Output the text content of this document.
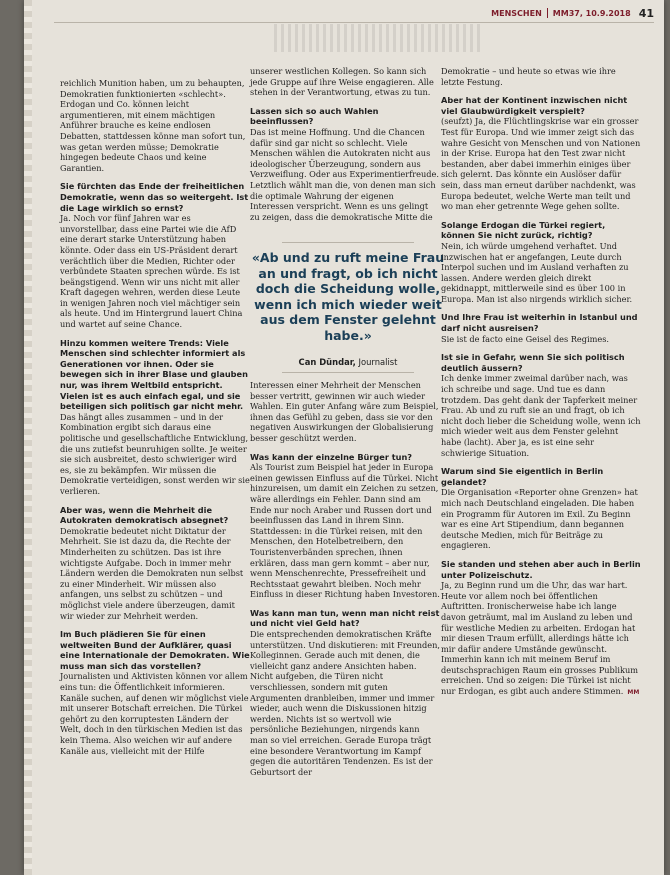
MENSCHEN MM37, 10.9.2018 41

reichlich Munition haben, um zu behaupten, Demokratien funktionierten «schlecht». Erdogan und Co. können leicht argumentieren, mit einem mächtigen Anführer brauche es keine endlosen Debatten, stattdessen könne man sofort tun, was getan werden müsse; Demokratie hingegen bedeute Chaos und keine Garantien.

Sie fürchten das Ende der freiheitlichen Demokratie, wenn das so weitergeht. Ist die Lage wirklich so ernst?
Ja. Noch vor fünf Jahren war es unvorstellbar, dass eine Partei wie die AfD eine derart starke Unterstützung haben könnte. Oder dass ein US-Präsident derart verächtlich über die Medien, Richter oder verbündete Staaten sprechen würde. Es ist beängstigend. Wenn wir uns nicht mit aller Kraft dagegen wehren, werden diese Leute in wenigen Jahren noch viel mächtiger sein als heute. Und im Hintergrund lauert China und wartet auf seine Chance.

Hinzu kommen weitere Trends: Viele Menschen sind schlechter informiert als Generationen vor ihnen. Oder sie bewegen sich in ihrer Blase und glauben nur, was ihrem Weltbild entspricht. Vielen ist es auch einfach egal, und sie beteiligen sich politisch gar nicht mehr.
Das hängt alles zusammen – und in der Kombination ergibt sich daraus eine politische und gesellschaftliche Entwicklung, die uns zutiefst beunruhigen sollte. Je weiter sie sich ausbreitet, desto schwieriger wird es, sie zu bekämpfen. Wir müssen die Demokratie verteidigen, sonst werden wir sie verlieren.

Aber was, wenn die Mehrheit die Autokraten demokratisch absegnet?
Demokratie bedeutet nicht Diktatur der Mehrheit. Sie ist dazu da, die Rechte der Minderheiten zu schützen. Das ist ihre wichtigste Aufgabe. Doch in immer mehr Ländern werden die Demokraten nun selbst zu einer Minderheit. Wir müssen also anfangen, uns selbst zu schützen – und möglichst viele andere überzeugen, damit wir wieder zur Mehrheit werden.

Im Buch plädieren Sie für einen weltweiten Bund der Aufklärer, quasi eine Internationale der Demokraten. Wie muss man sich das vorstellen?
Journalisten und Aktivisten können vor allem eins tun: die Öffentlichkeit informieren. Kanäle suchen, auf denen wir möglichst viele mit unserer Botschaft erreichen. Die Türkei gehört zu den korruptesten Ländern der Welt, doch in den türkischen Medien ist das kein Thema. Also weichen wir auf andere Kanäle aus, vielleicht mit der Hilfe

unserer westlichen Kollegen. So kann sich jede Gruppe auf ihre Weise engagieren. Alle stehen in der Verantwortung, etwas zu tun.

Lassen sich so auch Wahlen beeinflussen?
Das ist meine Hoffnung. Und die Chancen dafür sind gar nicht so schlecht. Viele Menschen wählen die Autokraten nicht aus ideologischer Überzeugung, sondern aus Verzweiflung. Oder aus Experimentierfreude. Letztlich wählt man die, von denen man sich die optimale Wahrung der eigenen Interessen verspricht. Wenn es uns gelingt zu zeigen, dass die demokratische Mitte die

«Ab und zu ruft meine Frau an und fragt, ob ich nicht doch die Scheidung wolle, wenn ich mich wieder weit aus dem Fenster gelehnt habe.»
Can Dündar, Journalist

Interessen einer Mehrheit der Menschen besser vertritt, gewinnen wir auch wieder Wahlen. Ein guter Anfang wäre zum Beispiel, ihnen das Gefühl zu geben, dass sie vor den negativen Auswirkungen der Globalisierung besser geschützt werden.

Was kann der einzelne Bürger tun?
Als Tourist zum Beispiel hat jeder in Europa einen gewissen Einfluss auf die Türkei. Nicht hinzureisen, um damit ein Zeichen zu setzen, wäre allerdings ein Fehler. Dann sind am Ende nur noch Araber und Russen dort und beeinflussen das Land in ihrem Sinn. Stattdessen: in die Türkei reisen, mit den Menschen, den Hotelbetreibern, den Touristenverbänden sprechen, ihnen erklären, dass man gern kommt – aber nur, wenn Menschenrechte, Pressefreiheit und Rechtsstaat gewahrt bleiben. Noch mehr Einfluss in dieser Richtung haben Investoren.

Was kann man tun, wenn man nicht reist und nicht viel Geld hat?
Die entsprechenden demokratischen Kräfte unterstützen. Und diskutieren: mit Freunden, Kolleginnen. Gerade auch mit denen, die vielleicht ganz andere Ansichten haben. Nicht aufgeben, die Türen nicht verschliessen, sondern mit guten Argumenten dranbleiben, immer und immer wieder, auch wenn die Diskussionen hitzig werden. Nichts ist so wertvoll wie persönliche Beziehungen, nirgends kann man so viel erreichen. Gerade Europa trägt eine besondere Verantwortung im Kampf gegen die autoritären Tendenzen. Es ist der Geburtsort der

Demokratie – und heute so etwas wie ihre letzte Festung.

Aber hat der Kontinent inzwischen nicht viel Glaubwürdigkeit verspielt?
(seufzt) Ja, die Flüchtlingskrise war ein grosser Test für Europa. Und wie immer zeigt sich das wahre Gesicht von Menschen und von Nationen in der Krise. Europa hat den Test zwar nicht bestanden, aber dabei immerhin einiges über sich gelernt. Das könnte ein Auslöser dafür sein, dass man erneut darüber nachdenkt, was Europa bedeutet, welche Werte man teilt und wo man eher getrennte Wege gehen sollte.

Solange Erdogan die Türkei regiert, können Sie nicht zurück, richtig?
Nein, ich würde umgehend verhaftet. Und inzwischen hat er angefangen, Leute durch Interpol suchen und im Ausland verhaften zu lassen. Andere werden gleich direkt gekidnappt, mittlerweile sind es über 100 in Europa. Man ist also nirgends wirklich sicher.

Und Ihre Frau ist weiterhin in Istanbul und darf nicht ausreisen?
Sie ist de facto eine Geisel des Regimes.

Ist sie in Gefahr, wenn Sie sich politisch deutlich äussern?
Ich denke immer zweimal darüber nach, was ich schreibe und sage. Und tue es dann trotzdem. Das geht dank der Tapferkeit meiner Frau. Ab und zu ruft sie an und fragt, ob ich nicht doch lieber die Scheidung wolle, wenn ich mich wieder weit aus dem Fenster gelehnt habe (lacht). Aber ja, es ist eine sehr schwierige Situation.

Warum sind Sie eigentlich in Berlin gelandet?
Die Organisation «Reporter ohne Grenzen» hat mich nach Deutschland eingeladen. Die haben ein Programm für Autoren im Exil. Zu Beginn war es eine Art Stipendium, dann begannen deutsche Medien, mich für Beiträge zu engagieren.

Sie standen und stehen aber auch in Berlin unter Polizeischutz.
Ja, zu Beginn rund um die Uhr, das war hart. Heute vor allem noch bei öffentlichen Auftritten. Ironischerweise habe ich lange davon geträumt, mal im Ausland zu leben und für westliche Medien zu arbeiten. Erdogan hat mir diesen Traum erfüllt, allerdings hätte ich mir dafür andere Umstände gewünscht. Immerhin kann ich mit meinem Beruf im deutschsprachigen Raum ein grosses Publikum erreichen. Und so zeigen: Die Türkei ist nicht nur Erdogan, es gibt auch andere Stimmen. MM
